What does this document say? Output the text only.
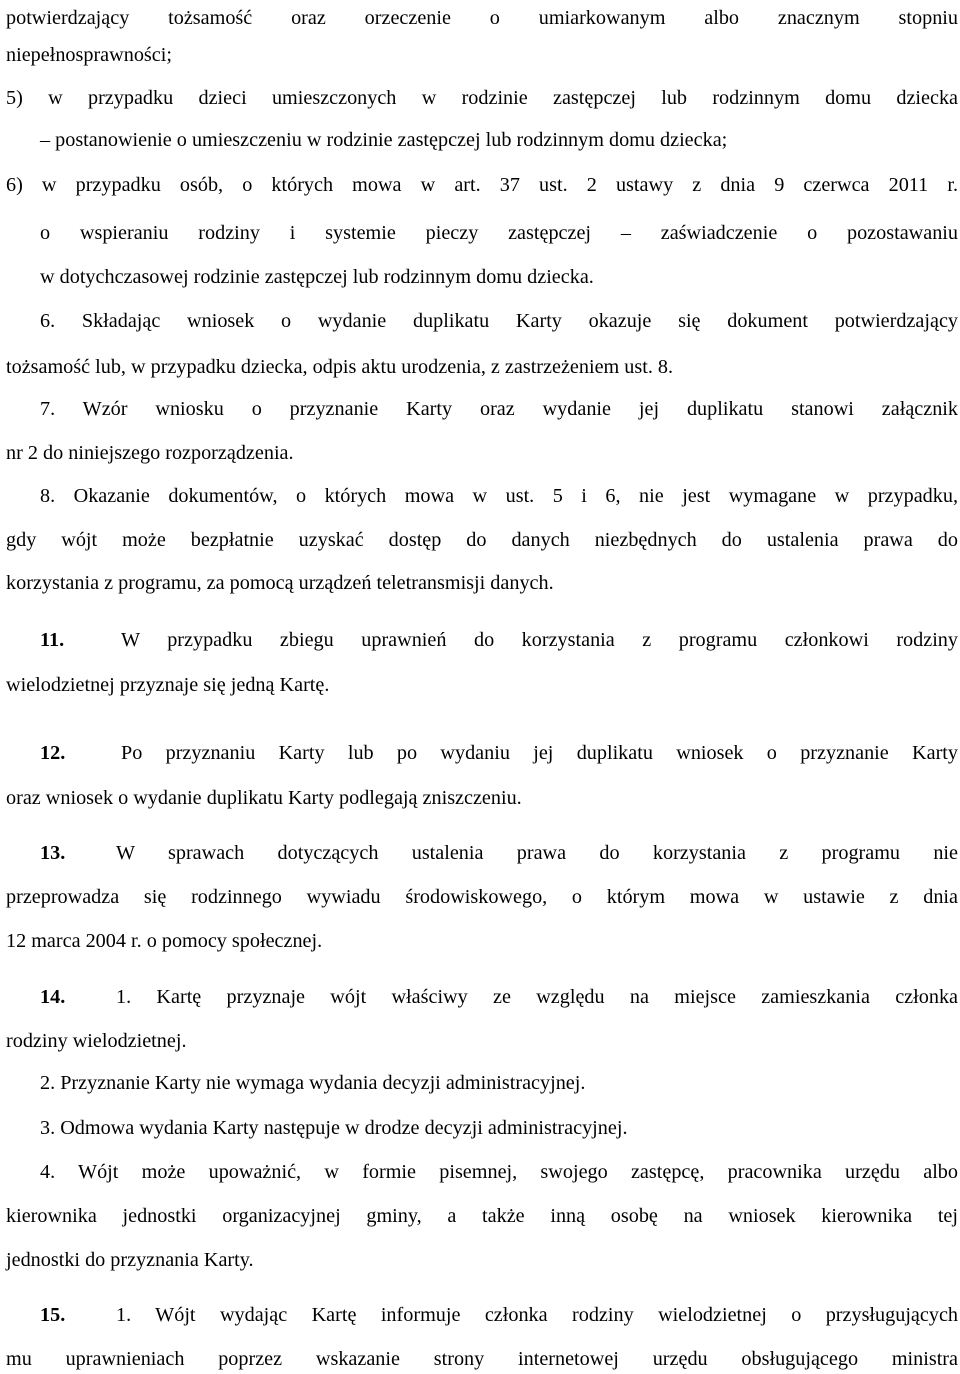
potwierdzający tożsamość oraz orzeczenie o umiarkowanym albo znacznym stopniu
niepełnosprawności;
5) w przypadku dzieci umieszczonych w rodzinie zastępczej lub rodzinnym domu dziecka
– postanowienie o umieszczeniu w rodzinie zastępczej lub rodzinnym domu dziecka;
6) w przypadku osób, o których mowa w art. 37 ust. 2 ustawy z dnia 9 czerwca 2011 r.
o wspieraniu rodziny i systemie pieczy zastępczej – zaświadczenie o pozostawaniu
w dotychczasowej rodzinie zastępczej lub rodzinnym domu dziecka.
6. Składając wniosek o wydanie duplikatu Karty okazuje się dokument potwierdzający
tożsamość lub, w przypadku dziecka, odpis aktu urodzenia, z zastrzeżeniem ust. 8.
7. Wzór wniosku o przyznanie Karty oraz wydanie jej duplikatu stanowi załącznik
nr 2 do niniejszego rozporządzenia.
8. Okazanie dokumentów, o których mowa w ust. 5 i 6, nie jest wymagane w przypadku,
gdy wójt może bezpłatnie uzyskać dostęp do danych niezbędnych do ustalenia prawa do
korzystania z programu, za pomocą urządzeń teletransmisji danych.
11.	W przypadku zbiegu uprawnień do korzystania z programu członkowi rodziny
wielodzietnej przyznaje się jedną Kartę.
12.	Po przyznaniu Karty lub po wydaniu jej duplikatu wniosek o przyznanie Karty
oraz wniosek o wydanie duplikatu Karty podlegają zniszczeniu.
13.	W sprawach dotyczących ustalenia prawa do korzystania z programu nie
przeprowadza się rodzinnego wywiadu środowiskowego, o którym mowa w ustawie z dnia
12 marca 2004 r. o pomocy społecznej.
14.	1. Kartę przyznaje wójt właściwy ze względu na miejsce zamieszkania członka
rodziny wielodzietnej.
2. Przyznanie Karty nie wymaga wydania decyzji administracyjnej.
3. Odmowa wydania Karty następuje w drodze decyzji administracyjnej.
4. Wójt może upoważnić, w formie pisemnej, swojego zastępcę, pracownika urzędu albo
kierownika jednostki organizacyjnej gminy, a także inną osobę na wniosek kierownika tej
jednostki do przyznania Karty.
15.	1. Wójt wydając Kartę informuje członka rodziny wielodzietnej o przysługujących
mu uprawnieniach poprzez wskazanie strony internetowej urzędu obsługującego ministra
